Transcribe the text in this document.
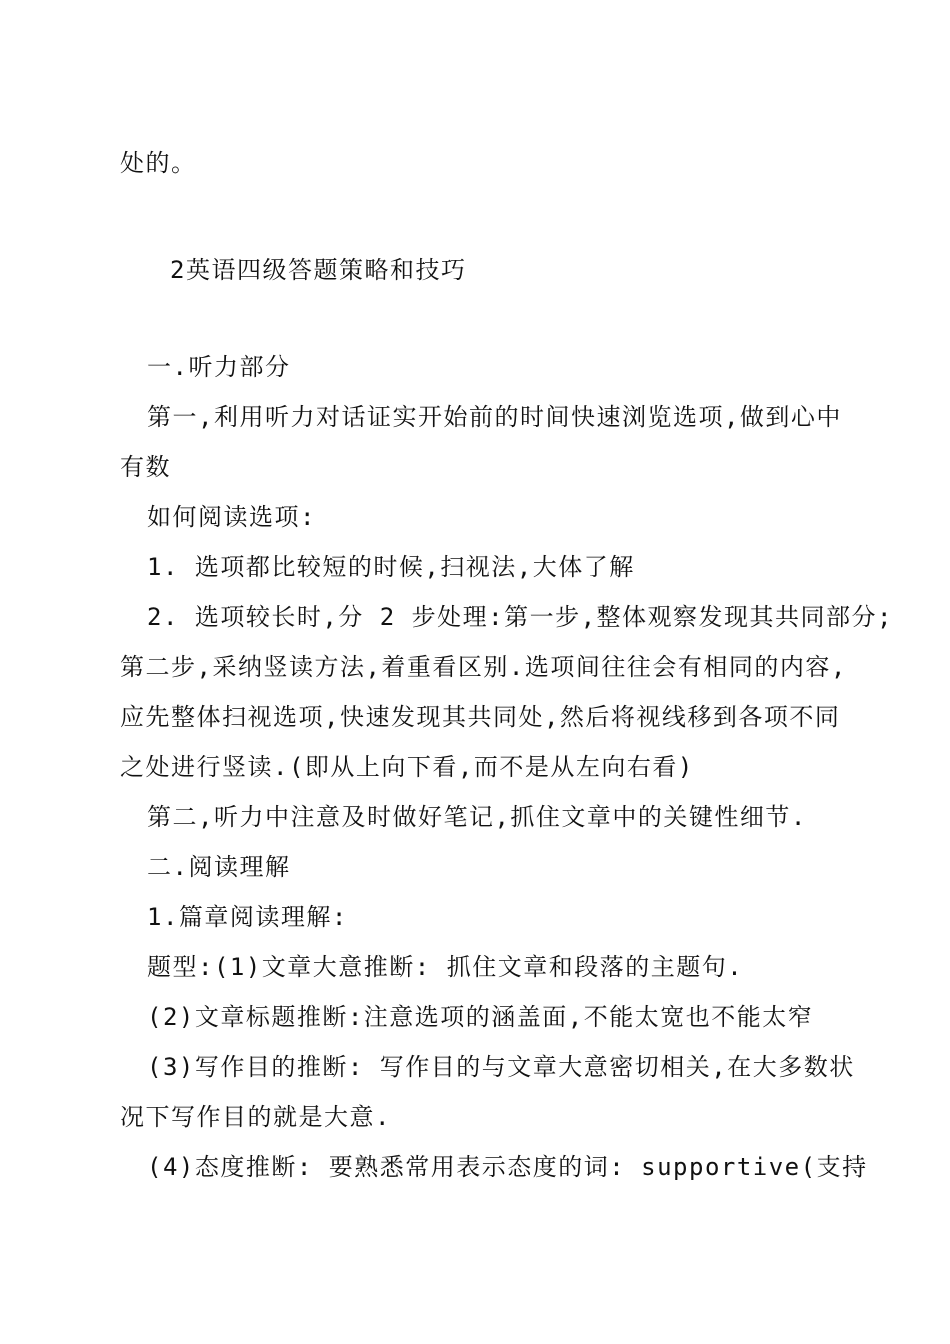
处的。
2英语四级答题策略和技巧
一.听力部分
第一,利用听力对话证实开始前的时间快速浏览选项,做到心中
有数
如何阅读选项:
1. 选项都比较短的时候,扫视法,大体了解
2. 选项较长时,分 2 步处理:第一步,整体观察发现其共同部分;
第二步,采纳竖读方法,着重看区别.选项间往往会有相同的内容,
应先整体扫视选项,快速发现其共同处,然后将视线移到各项不同
之处进行竖读.(即从上向下看,而不是从左向右看)
第二,听力中注意及时做好笔记,抓住文章中的关键性细节.
二.阅读理解
1.篇章阅读理解:
题型:(1)文章大意推断: 抓住文章和段落的主题句.
(2)文章标题推断:注意选项的涵盖面,不能太宽也不能太窄
(3)写作目的推断: 写作目的与文章大意密切相关,在大多数状
况下写作目的就是大意.
(4)态度推断: 要熟悉常用表示态度的词: supportive(支持
